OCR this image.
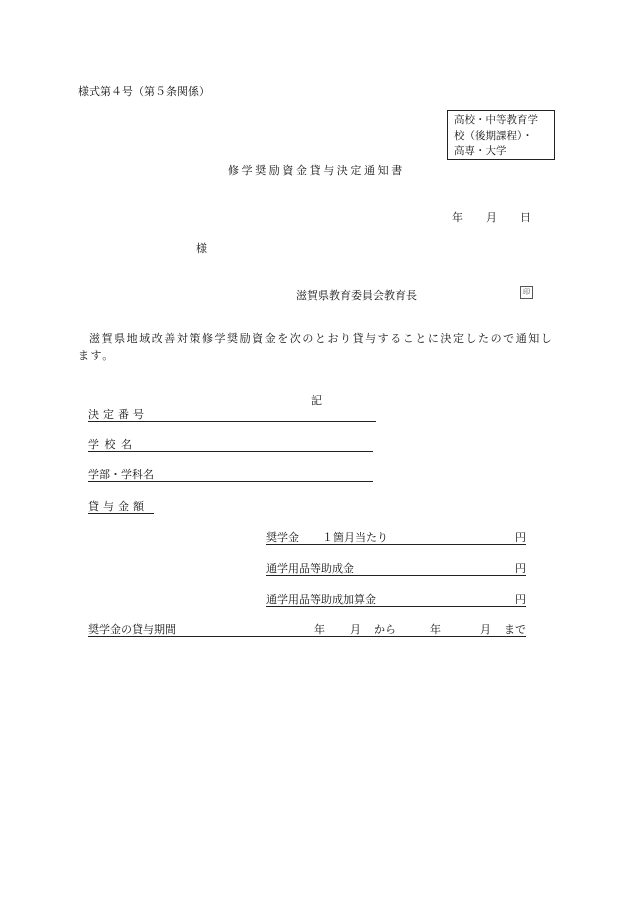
様式第４号（第５条関係）
高校・中等教育学
校（後期課程）・
高専・大学
修学奨励資金貸与決定通知書
年 月 日
様
滋賀県教育委員会教育長	印
滋賀県地域改善対策修学奨励資金を次のとおり貸与することに決定したので通知します。
記
決定番号
学校名
学部・学科名
貸与金額
奨学金 １箇月当たり	円
通学用品等助成金	円
通学用品等助成加算金	円
奨学金の貸与期間	年 月 から	年	月 まで
